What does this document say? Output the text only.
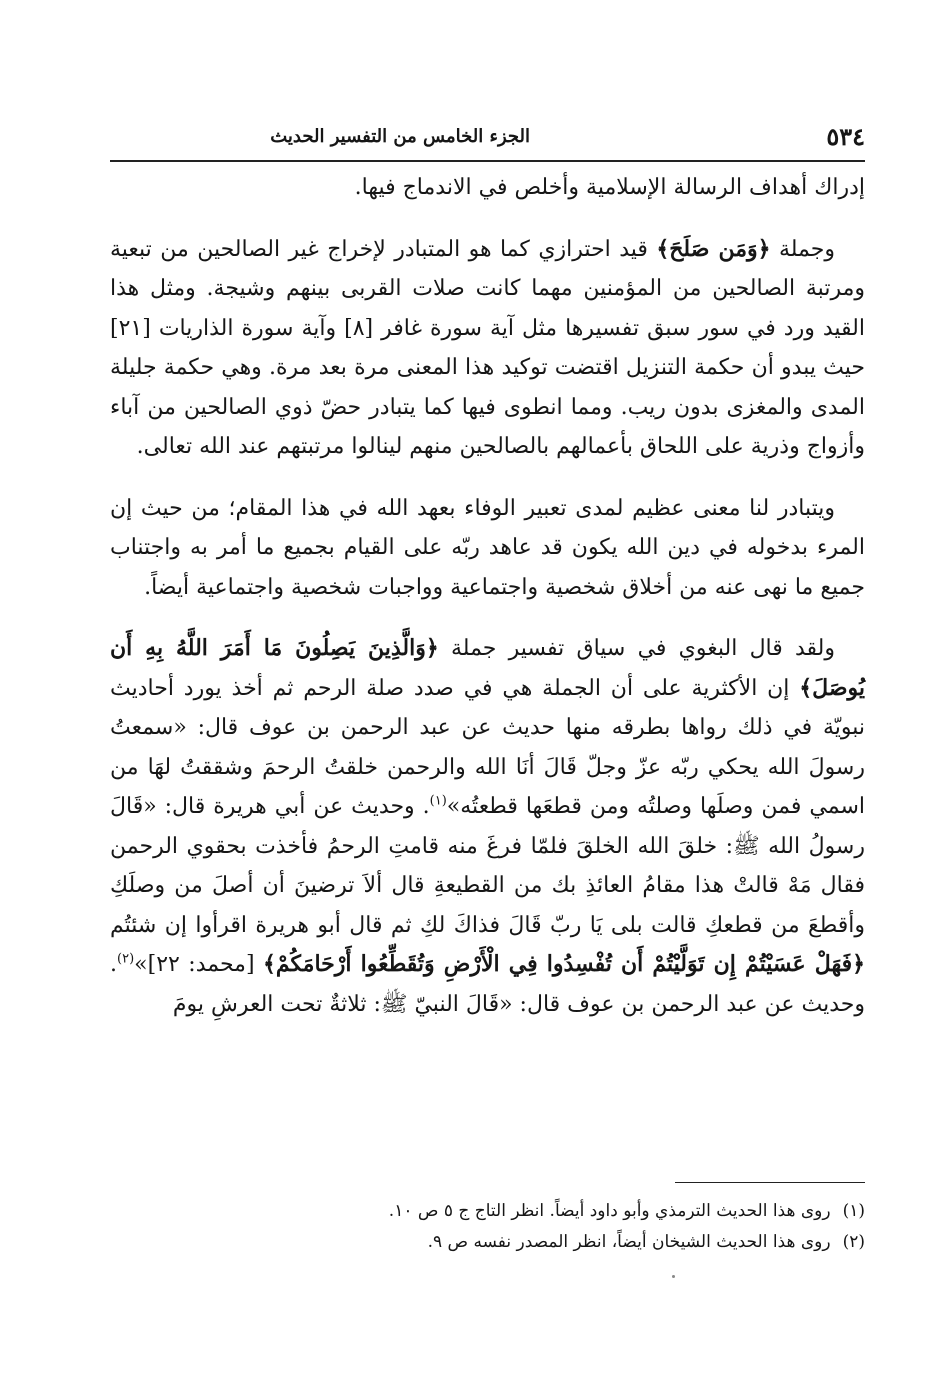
٥٣٤
الجزء الخامس من التفسير الحديث

إدراك أهداف الرسالة الإسلامية وأخلص في الاندماج فيها.

وجملة ﴿وَمَن صَلَحَ﴾ قيد احترازي كما هو المتبادر لإخراج غير الصالحين من تبعية ومرتبة الصالحين من المؤمنين مهما كانت صلات القربى بينهم وشيجة. ومثل هذا القيد ورد في سور سبق تفسيرها مثل آية سورة غافر [٨] وآية سورة الذاريات [٢١] حيث يبدو أن حكمة التنزيل اقتضت توكيد هذا المعنى مرة بعد مرة. وهي حكمة جليلة المدى والمغزى بدون ريب. ومما انطوى فيها كما يتبادر حضّ ذوي الصالحين من آباء وأزواج وذرية على اللحاق بأعمالهم بالصالحين منهم لينالوا مرتبتهم عند الله تعالى.

ويتبادر لنا معنى عظيم لمدى تعبير الوفاء بعهد الله في هذا المقام؛ من حيث إن المرء بدخوله في دين الله يكون قد عاهد ربّه على القيام بجميع ما أمر به واجتناب جميع ما نهى عنه من أخلاق شخصية واجتماعية وواجبات شخصية واجتماعية أيضاً.

ولقد قال البغوي في سياق تفسير جملة ﴿وَالَّذِينَ يَصِلُونَ مَا أَمَرَ اللَّهُ بِهِ أَن يُوصَلَ﴾ إن الأكثرية على أن الجملة هي في صدد صلة الرحم ثم أخذ يورد أحاديث نبويّة في ذلك رواها بطرقه منها حديث عن عبد الرحمن بن عوف قال: «سمعتُ رسولَ الله يحكي ربّه عزّ وجلّ قَالَ أنَا الله والرحمن خلقتُ الرحمَ وشققتُ لهَا من اسمي فمن وصلَها وصلتُه ومن قطعَها قطعتُه»$^{(١)}$. وحديث عن أبي هريرة قال: «قَالَ رسولُ الله ﷺ: خلقَ الله الخلقَ فلمّا فرغَ منه قامتِ الرحمُ فأخذت بحقوي الرحمن فقال مَهْ قالتْ هذا مقامُ العائذِ بك من القطيعةِ قال ألاَ ترضينَ أن أصلَ من وصلَكِ وأقطعَ من قطعكِ قالت بلى يَا ربّ قَالَ فذاكَ لكِ ثم قال أبو هريرة اقرأوا إن شئتُم ﴿فَهَلْ عَسَيْتُمْ إِن تَوَلَّيْتُمْ أَن تُفْسِدُوا فِي الْأَرْضِ وَتُقَطِّعُوا أَرْحَامَكُمْ﴾ [محمد: ٢٢]»$^{(٢)}$. وحديث عن عبد الرحمن بن عوف قال: «قَالَ النبيّ ﷺ: ثلاثةٌ تحت العرشِ يومَ

(١)روى هذا الحديث الترمذي وأبو داود أيضاً. انظر التاج ج ٥ ص ١٠.

(٢)روى هذا الحديث الشيخان أيضاً، انظر المصدر نفسه ص ٩.
